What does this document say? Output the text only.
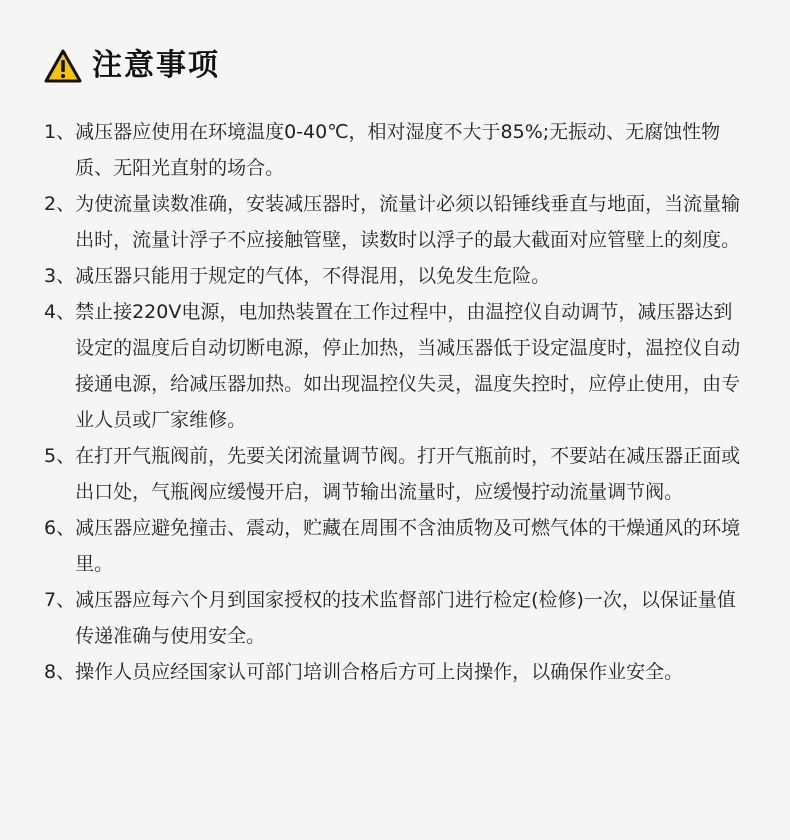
注意事项
1、 减压器应使用在环境温度0-40℃，相对湿度不大于85%;无振动、无腐蚀性物质、无阳光直射的场合。
2、 为使流量读数准确，安装减压器时，流量计必须以铅锤线垂直与地面，当流量输出时，流量计浮子不应接触管壁，读数时以浮子的最大截面对应管壁上的刻度。
3、 减压器只能用于规定的气体，不得混用，以免发生危险。
4、 禁止接220V电源，电加热装置在工作过程中，由温控仪自动调节，减压器达到设定的温度后自动切断电源，停止加热，当减压器低于设定温度时，温控仪自动接通电源，给减压器加热。如出现温控仪失灵，温度失控时，应停止使用，由专业人员或厂家维修。
5、 在打开气瓶阀前，先要关闭流量调节阀。打开气瓶前时，不要站在减压器正面或出口处，气瓶阀应缓慢开启，调节输出流量时，应缓慢拧动流量调节阀。
6、 减压器应避免撞击、震动，贮藏在周围不含油质物及可燃气体的干燥通风的环境里。
7、 减压器应每六个月到国家授权的技术监督部门进行检定(检修)一次，以保证量值传递准确与使用安全。
8、 操作人员应经国家认可部门培训合格后方可上岗操作，以确保作业安全。
